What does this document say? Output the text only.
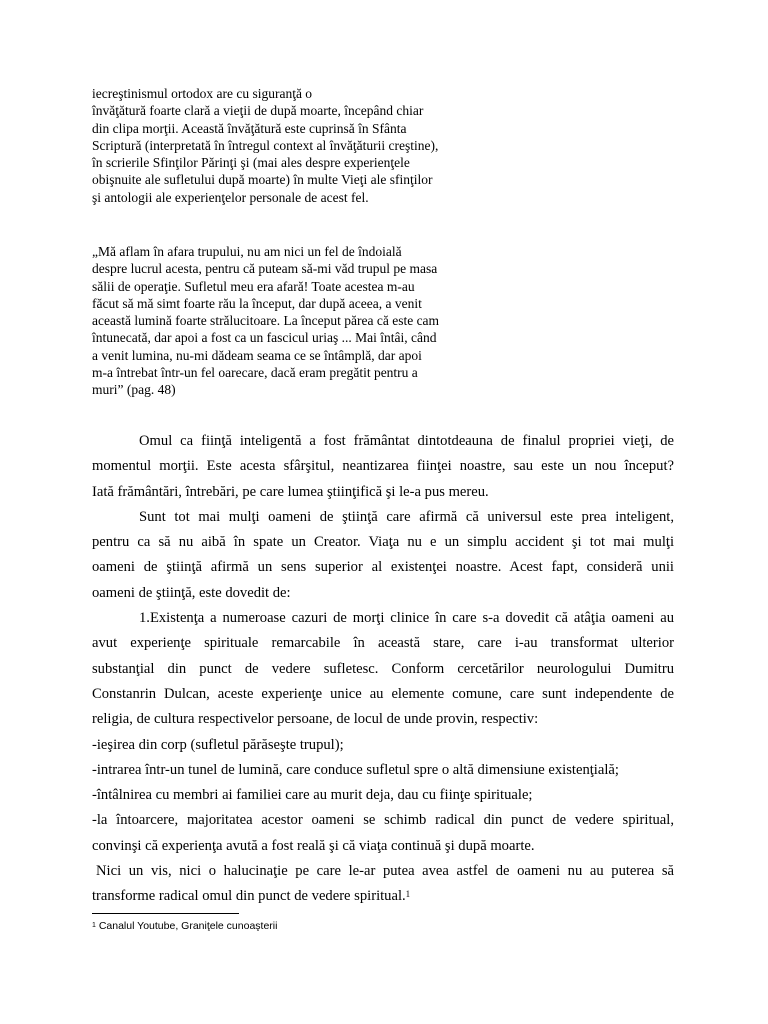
iecreştinismul ortodox are cu siguranţă o
învăţătură foarte clară a vieţii de după moarte, începând chiar
din clipa morţii. Această învăţătură este cuprinsă în Sfânta
Scriptură (interpretată în întregul context al învăţăturii creştine),
în scrierile Sfinţilor Părinţi şi (mai ales despre experienţele
obişnuite ale sufletului după moarte) în multe Vieţi ale sfinţilor
şi antologii ale experienţelor personale de acest fel.
„Mă aflam în afara trupului, nu am nici un fel de îndoială
despre lucrul acesta, pentru că puteam să-mi văd trupul pe masa
sălii de operaţie. Sufletul meu era afară! Toate acestea m-au
făcut să mă simt foarte rău la început, dar după aceea, a venit
această lumină foarte strălucitoare. La început părea că este cam
întunecată, dar apoi a fost ca un fascicul uriaş ... Mai întâi, când
a venit lumina, nu-mi dădeam seama ce se întâmplă, dar apoi
m-a întrebat într-un fel oarecare, dacă eram pregătit pentru a
muri” (pag. 48)
Omul ca fiinţă inteligentă a fost frământat dintotdeauna de finalul propriei vieţi, de
momentul morţii. Este acesta sfârşitul, neantizarea fiinţei noastre, sau este un nou început?
Iată frământări, întrebări, pe care lumea ştiinţifică şi le-a pus mereu.
Sunt tot mai mulţi oameni de ştiinţă care afirmă că universul este prea inteligent,
pentru ca să nu aibă în spate un Creator. Viaţa nu e un simplu accident şi tot mai mulţi
oameni de ştiinţă afirmă un sens superior al existenţei noastre. Acest fapt, consideră unii
oameni de ştiinţă, este dovedit de:
1.Existenţa a numeroase cazuri de morţi clinice în care s-a dovedit că atâţia oameni au
avut experienţe spirituale remarcabile în această stare, care i-au transformat ulterior
substanţial din punct de vedere sufletesc. Conform cercetărilor neurologului Dumitru
Constanrin Dulcan, aceste experienţe unice au elemente comune, care sunt independente de
religia, de cultura respectivelor persoane, de locul de unde provin, respectiv:
-ieşirea din corp (sufletul părăseşte trupul);
-intrarea într-un tunel de lumină, care conduce sufletul spre o altă dimensiune existenţială;
-întâlnirea cu membri ai familiei care au murit deja, dau cu fiinţe spirituale;
-la întoarcere, majoritatea acestor oameni se schimb radical din punct de vedere spiritual,
convinşi că experienţa avută a fost reală şi că viaţa continuă şi după moarte.
Nici un vis, nici o halucinaţie pe care le-ar putea avea astfel de oameni nu au puterea să
transforme radical omul din punct de vedere spiritual.$^1$
$^1$ Canalul Youtube, Graniţele cunoaşterii
